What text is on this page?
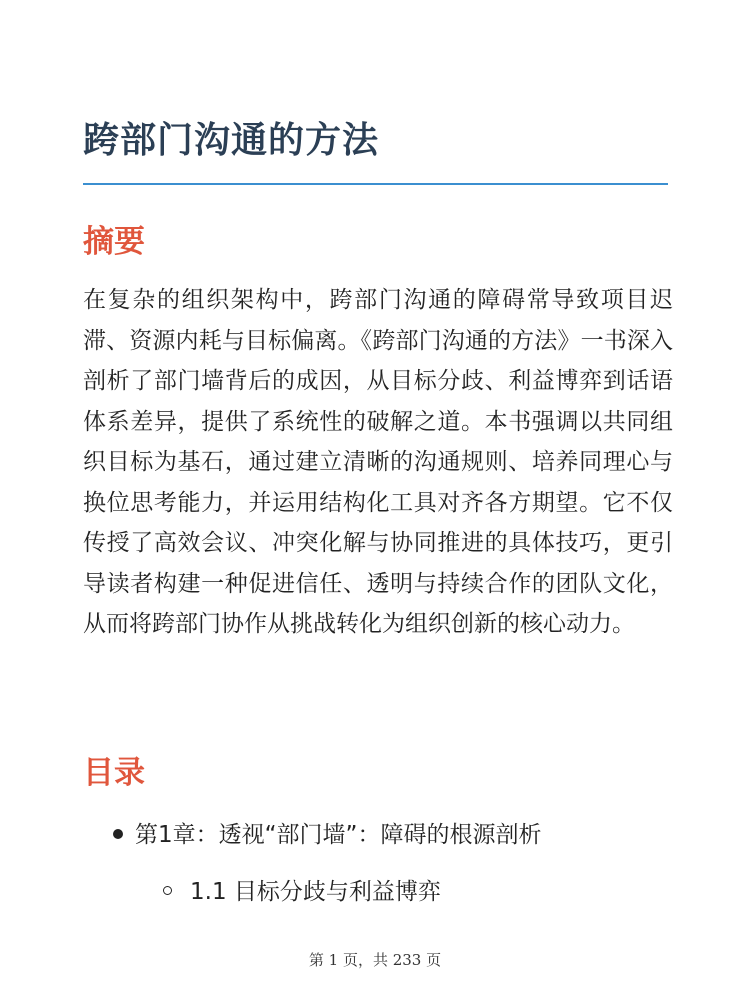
跨部门沟通的方法
摘要

在复杂的组织架构中，跨部门沟通的障碍常导致项目迟滞、资源内耗与目标偏离。《跨部门沟通的方法》一书深入剖析了部门墙背后的成因，从目标分歧、利益博弈到话语体系差异，提供了系统性的破解之道。本书强调以共同组织目标为基石，通过建立清晰的沟通规则、培养同理心与换位思考能力，并运用结构化工具对齐各方期望。它不仅传授了高效会议、冲突化解与协同推进的具体技巧，更引导读者构建一种促进信任、透明与持续合作的团队文化，从而将跨部门协作从挑战转化为组织创新的核心动力。

目录

第1章：透视“部门墙”：障碍的根源剖析

1.1 目标分歧与利益博弈

第 1 页，共 233 页
